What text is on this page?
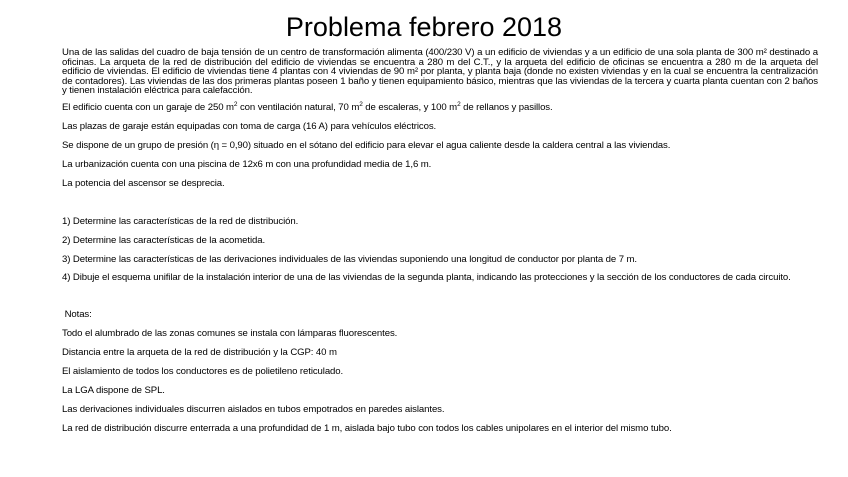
Problema febrero 2018

Una de las salidas del cuadro de baja tensión de un centro de transformación alimenta (400/230 V) a un edificio de viviendas y a un edificio de una sola planta de 300 m² destinado a oficinas. La arqueta de la red de distribución del edificio de viviendas se encuentra a 280 m del C.T., y la arqueta del edificio de oficinas se encuentra a 280 m de la arqueta del edificio de viviendas. El edificio de viviendas tiene 4 plantas con 4 viviendas de 90 m² por planta, y planta baja (donde no existen viviendas y en la cual se encuentra la centralización de contadores). Las viviendas de las dos primeras plantas poseen 1 baño y tienen equipamiento básico, mientras que las viviendas de la tercera y cuarta planta cuentan con 2 baños y tienen instalación eléctrica para calefacción.

El edificio cuenta con un garaje de 250 $m^2$ con ventilación natural, 70 $m^2$ de escaleras, y 100 $m^2$ de rellanos y pasillos.

Las plazas de garaje están equipadas con toma de carga (16 A) para vehículos eléctricos.

Se dispone de un grupo de presión (η = 0,90) situado en el sótano del edificio para elevar el agua caliente desde la caldera central a las viviendas.

La urbanización cuenta con una piscina de 12x6 m con una profundidad media de 1,6 m.

La potencia del ascensor se desprecia.

1) Determine las características de la red de distribución.

2) Determine las características de la acometida.

3) Determine las características de las derivaciones individuales de las viviendas suponiendo una longitud de conductor por planta de 7 m.

4) Dibuje el esquema unifilar de la instalación interior de una de las viviendas de la segunda planta, indicando las protecciones y la sección de los conductores de cada circuito.

Notas:

Todo el alumbrado de las zonas comunes se instala con lámparas fluorescentes.

Distancia entre la arqueta de la red de distribución y la CGP: 40 m

El aislamiento de todos los conductores es de polietileno reticulado.

La LGA dispone de SPL.

Las derivaciones individuales discurren aislados en tubos empotrados en paredes aislantes.

La red de distribución discurre enterrada a una profundidad de 1 m, aislada bajo tubo con todos los cables unipolares en el interior del mismo tubo.
